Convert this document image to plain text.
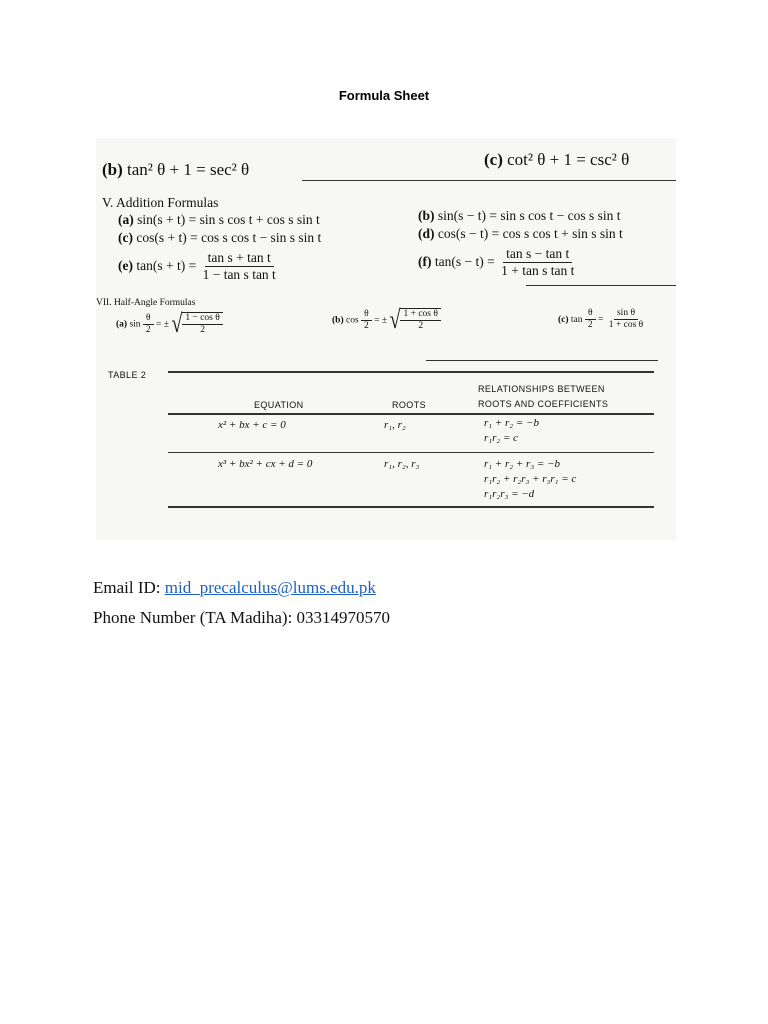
Formula Sheet
(b) tan² θ + 1 = sec² θ
(c) cot² θ + 1 = csc² θ
V. Addition Formulas
(a) sin(s + t) = sin s cos t + cos s sin t
(c) cos(s + t) = cos s cos t − sin s sin t
(b) sin(s − t) = sin s cos t − cos s sin t
(d) cos(s − t) = cos s cos t + sin s sin t
(e) $\tan(s + t) = \frac{\text{tan s + tan t}}{\text{1 − tan s tan t}}$	(f) $\tan(s - t) = \frac{\text{tan s − tan t}}{\text{1 + tan s tan t}}$
VII. Half-Angle Formulas
(a) $\sin \frac{\theta}{2}$ = ± √ $\frac{\text{1 − cos θ}}{2}$	(b) $\cos \frac{\theta}{2}$ = ± √ $\frac{\text{1 + cos θ}}{2}$	(c) $\tan \frac{\theta}{2} = \frac{\text{sin θ}}{\text{1 + cos θ}}$
TABLE 2
RELATIONSHIPS BETWEEN
ROOTS AND COEFFICIENTS
EQUATION	ROOTS
x² + bx + c = 0	r₁, r₂	r₁ + r₂ = −b
r₁r₂ = c
x³ + bx² + cx + d = 0	r₁, r₂, r₃	r₁ + r₂ + r₃ = −b
r₁r₂ + r₂r₃ + r₃r₁ = c
r₁r₂r₃ = −d
Email ID: mid_precalculus@lums.edu.pk
Phone Number (TA Madiha): 03314970570
